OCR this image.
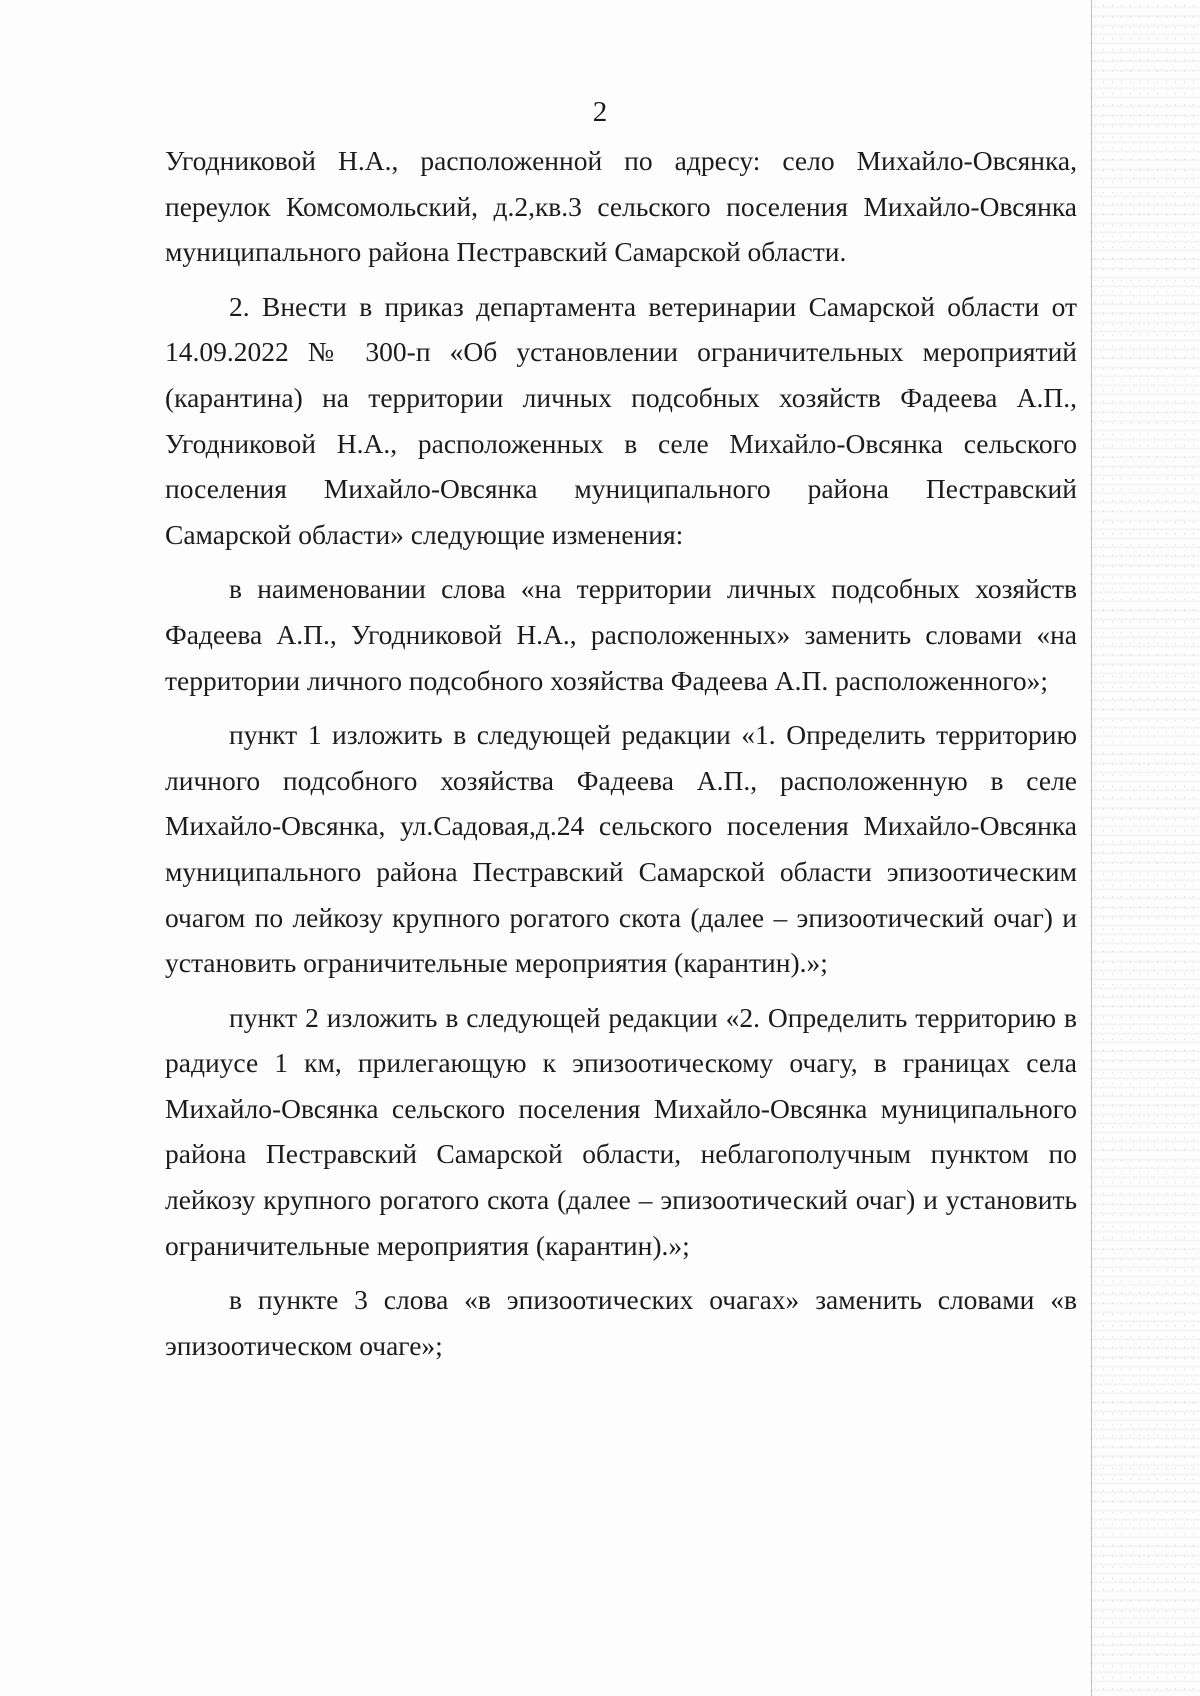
2

Угодниковой Н.А., расположенной по адресу: село Михайло-Овсянка, переулок Комсомольский, д.2,кв.3 сельского поселения Михайло-Овсянка муниципального района Пестравский Самарской области.

2. Внести в приказ департамента ветеринарии Самарской области от 14.09.2022 № 300-п «Об установлении ограничительных мероприятий (карантина) на территории личных подсобных хозяйств Фадеева А.П., Угодниковой Н.А., расположенных в селе Михайло-Овсянка сельского поселения Михайло-Овсянка муниципального района Пестравский Самарской области» следующие изменения:

в наименовании слова «на территории личных подсобных хозяйств Фадеева А.П., Угодниковой Н.А., расположенных» заменить словами «на территории личного подсобного хозяйства Фадеева А.П. расположенного»;

пункт 1 изложить в следующей редакции «1. Определить территорию личного подсобного хозяйства Фадеева А.П., расположенную в селе Михайло-Овсянка, ул.Садовая,д.24 сельского поселения Михайло-Овсянка муниципального района Пестравский Самарской области эпизоотическим очагом по лейкозу крупного рогатого скота (далее – эпизоотический очаг) и установить ограничительные мероприятия (карантин).»;

пункт 2 изложить в следующей редакции «2. Определить территорию в радиусе 1 км, прилегающую к эпизоотическому очагу, в границах села Михайло-Овсянка сельского поселения Михайло-Овсянка муниципального района Пестравский Самарской области, неблагополучным пунктом по лейкозу крупного рогатого скота (далее – эпизоотический очаг) и установить ограничительные мероприятия (карантин).»;

в пункте 3 слова «в эпизоотических очагах» заменить словами «в эпизоотическом очаге»;
